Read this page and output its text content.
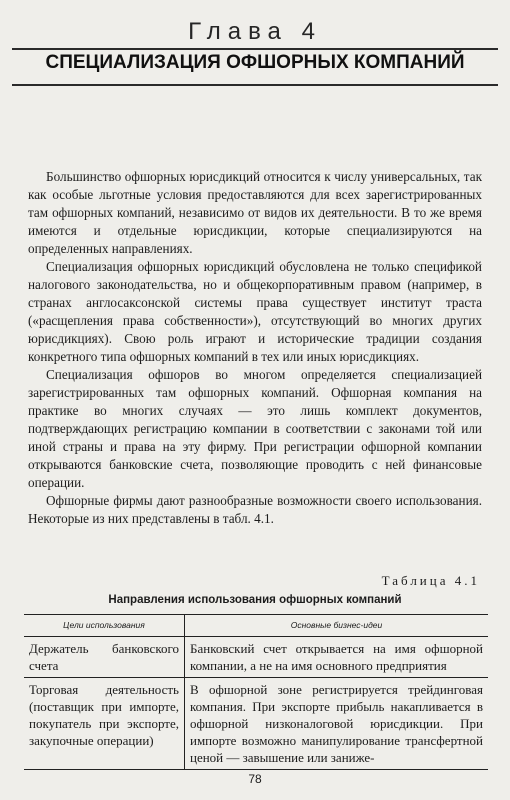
Глава 4
СПЕЦИАЛИЗАЦИЯ ОФШОРНЫХ КОМПАНИЙ

Большинство офшорных юрисдикций относится к числу универсальных, так как особые льготные условия предоставляются для всех зарегистрированных там офшорных компаний, независимо от видов их деятельности. В то же время имеются и отдельные юрисдикции, которые специализируются на определенных направлениях.

Специализация офшорных юрисдикций обусловлена не только спецификой налогового законодательства, но и общекорпоративным правом (например, в странах англосаксонской системы права существует институт траста («расщепления права собственности»), отсутствующий во многих других юрисдикциях). Свою роль играют и исторические традиции создания конкретного типа офшорных компаний в тех или иных юрисдикциях.

Специализация офшоров во многом определяется специализацией зарегистрированных там офшорных компаний. Офшорная компания на практике во многих случаях — это лишь комплект документов, подтверждающих регистрацию компании в соответствии с законами той или иной страны и права на эту фирму. При регистрации офшорной компании открываются банковские счета, позволяющие проводить с ней финансовые операции.

Офшорные фирмы дают разнообразные возможности своего использования. Некоторые из них представлены в табл. 4.1.

Таблица 4.1
Направления использования офшорных компаний
Цели использования	Основные бизнес-идеи
Держатель банковского счета	Банковский счет открывается на имя офшорной компании, а не на имя основного предприятия
Торговая деятельность (поставщик при импорте, покупатель при экспорте, закупочные операции)	В офшорной зоне регистрируется трейдинговая компания. При экспорте прибыль накапливается в офшорной низконалоговой юрисдикции. При импорте возможно манипулирование трансфертной ценой — завышение или заниже-
78
